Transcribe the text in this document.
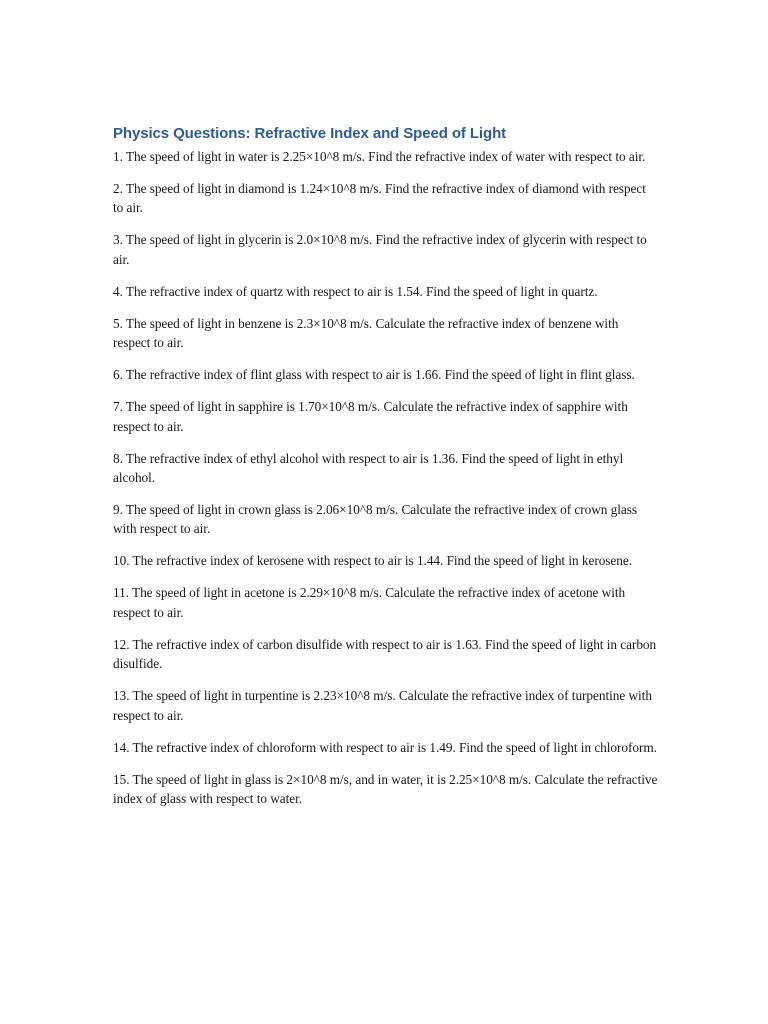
Physics Questions: Refractive Index and Speed of Light
1. The speed of light in water is 2.25×10^8 m/s. Find the refractive index of water with respect to air.
2. The speed of light in diamond is 1.24×10^8 m/s. Find the refractive index of diamond with respect to air.
3. The speed of light in glycerin is 2.0×10^8 m/s. Find the refractive index of glycerin with respect to air.
4. The refractive index of quartz with respect to air is 1.54. Find the speed of light in quartz.
5. The speed of light in benzene is 2.3×10^8 m/s. Calculate the refractive index of benzene with respect to air.
6. The refractive index of flint glass with respect to air is 1.66. Find the speed of light in flint glass.
7. The speed of light in sapphire is 1.70×10^8 m/s. Calculate the refractive index of sapphire with respect to air.
8. The refractive index of ethyl alcohol with respect to air is 1.36. Find the speed of light in ethyl alcohol.
9. The speed of light in crown glass is 2.06×10^8 m/s. Calculate the refractive index of crown glass with respect to air.
10. The refractive index of kerosene with respect to air is 1.44. Find the speed of light in kerosene.
11. The speed of light in acetone is 2.29×10^8 m/s. Calculate the refractive index of acetone with respect to air.
12. The refractive index of carbon disulfide with respect to air is 1.63. Find the speed of light in carbon disulfide.
13. The speed of light in turpentine is 2.23×10^8 m/s. Calculate the refractive index of turpentine with respect to air.
14. The refractive index of chloroform with respect to air is 1.49. Find the speed of light in chloroform.
15. The speed of light in glass is 2×10^8 m/s, and in water, it is 2.25×10^8 m/s. Calculate the refractive index of glass with respect to water.
